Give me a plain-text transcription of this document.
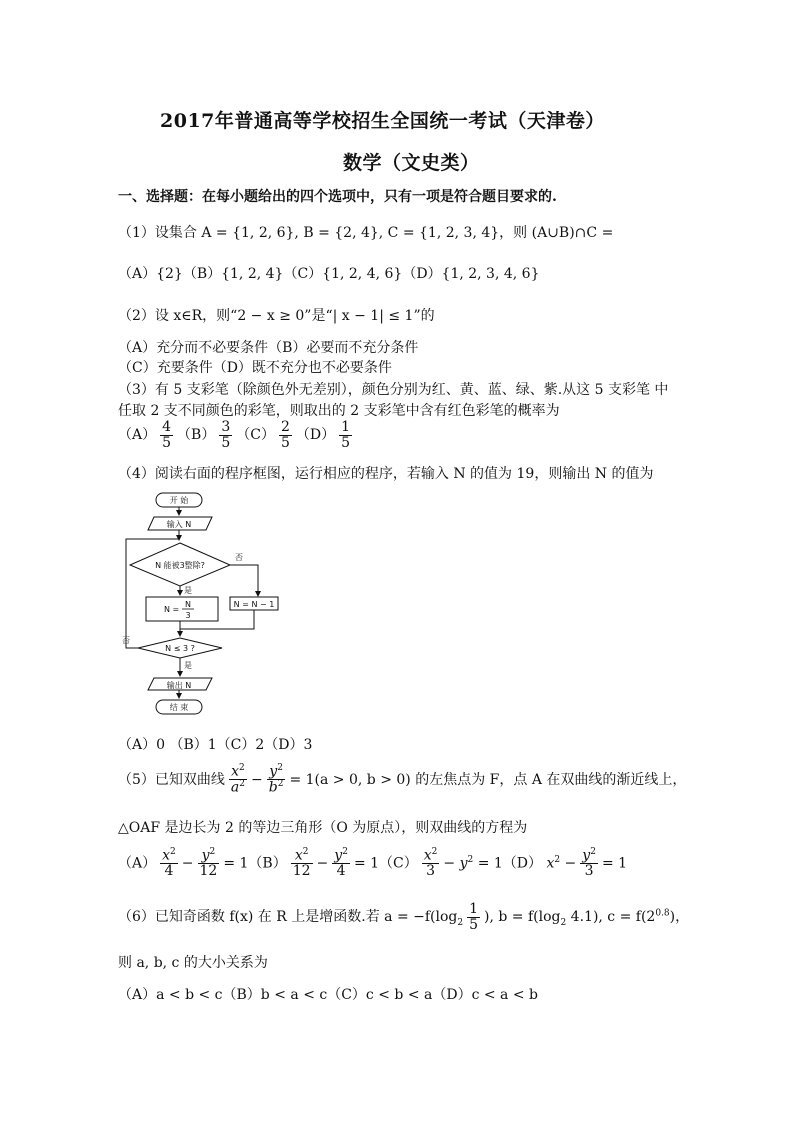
2017年普通高等学校招生全国统一考试（天津卷）
数学（文史类）
一、选择题：在每小题给出的四个选项中，只有一项是符合题目要求的.
（1）设集合 A = {1, 2, 6}, B = {2, 4}, C = {1, 2, 3, 4}，则 (A∪B)∩C =
（A）{2}（B）{1, 2, 4}（C）{1, 2, 4, 6}（D）{1, 2, 3, 4, 6}
（2）设 x∈R，则“2 − x ≥ 0”是“| x − 1| ≤ 1”的
（A）充分而不必要条件（B）必要而不充分条件
（C）充要条件（D）既不充分也不必要条件
（3）有 5 支彩笔（除颜色外无差别），颜色分别为红、黄、蓝、绿、紫.从这 5 支彩笔 中
任取 2 支不同颜色的彩笔，则取出的 2 支彩笔中含有红色彩笔的概率为
$(A) \frac{4}{5} (B) \frac{3}{5} (C) \frac{2}{5} (D) \frac{1}{5}$
（4）阅读右面的程序框图，运行相应的程序，若输入 N 的值为 19，则输出 N 的值为
开 始
输入 N
N 能被3整除?
否
是
N =
N
3
N = N − 1
N ≤ 3 ?
否
是
输出 N
结 束
（A）0 （B）1（C）2（D）3
（5）已知双曲线 $\frac{x^2}{a^2} - \frac{y^2}{b^2} = 1(a > 0$, b > 0) 的左焦点为 F，点 A 在双曲线的渐近线上，
△OAF 是边长为 2 的等边三角形（O 为原点），则双曲线的方程为
$(A) \frac{x^2}{4} - \frac{y^2}{12} = 1(B) \frac{x^2}{12} - \frac{y^2}{4} = 1(C) \frac{x^2}{3} - y^2 = 1(D) x^2 - \frac{y^2}{3} = 1$
（6）已知奇函数 f(x) 在 R 上是增函数.若 $a = -f(\log_2 \frac{1}{5}$ ), $b = f(\log_2$ 4.1), $c = f(2^{0.8})$，
则 a, b, c 的大小关系为
（A）a < b < c（B）b < a < c（C）c < b < a（D）c < a < b
